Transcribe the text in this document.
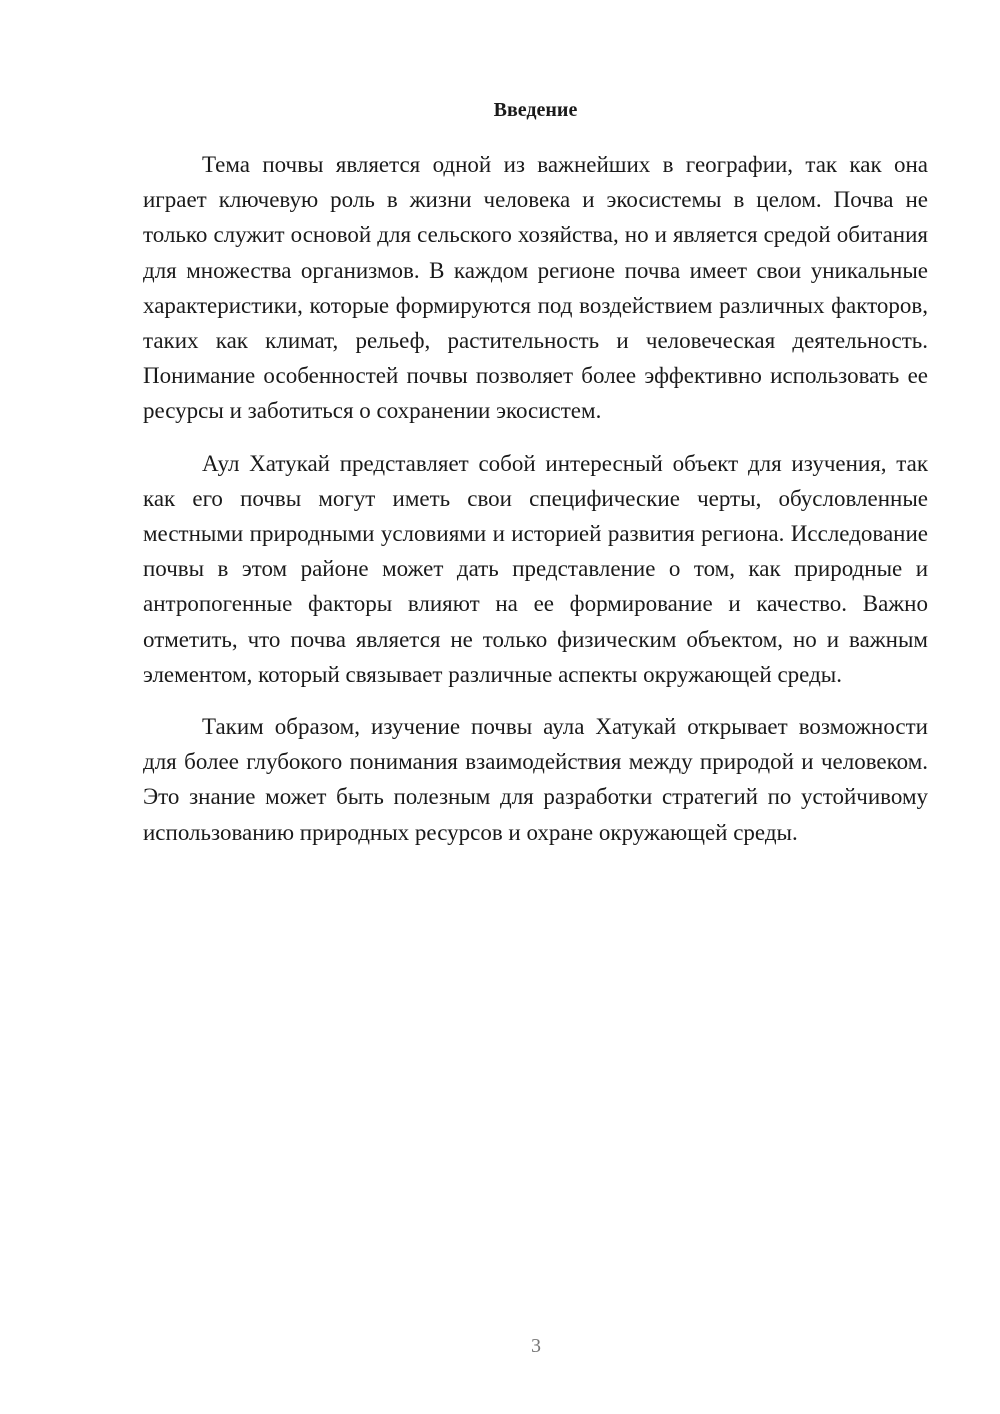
Введение

Тема почвы является одной из важнейших в географии, так как она играет ключевую роль в жизни человека и экосистемы в целом. Почва не только служит основой для сельского хозяйства, но и является средой обитания для множества организмов. В каждом регионе почва имеет свои уникальные характеристики, которые формируются под воздействием различных факторов, таких как климат, рельеф, растительность и человеческая деятельность. Понимание особенностей почвы позволяет более эффективно использовать ее ресурсы и заботиться о сохранении экосистем.

Аул Хатукай представляет собой интересный объект для изучения, так как его почвы могут иметь свои специфические черты, обусловленные местными природными условиями и историей развития региона. Исследование почвы в этом районе может дать представление о том, как природные и антропогенные факторы влияют на ее формирование и качество. Важно отметить, что почва является не только физическим объектом, но и важным элементом, который связывает различные аспекты окружающей среды.

Таким образом, изучение почвы аула Хатукай открывает возможности для более глубокого понимания взаимодействия между природой и человеком. Это знание может быть полезным для разработки стратегий по устойчивому использованию природных ресурсов и охране окружающей среды.

3
